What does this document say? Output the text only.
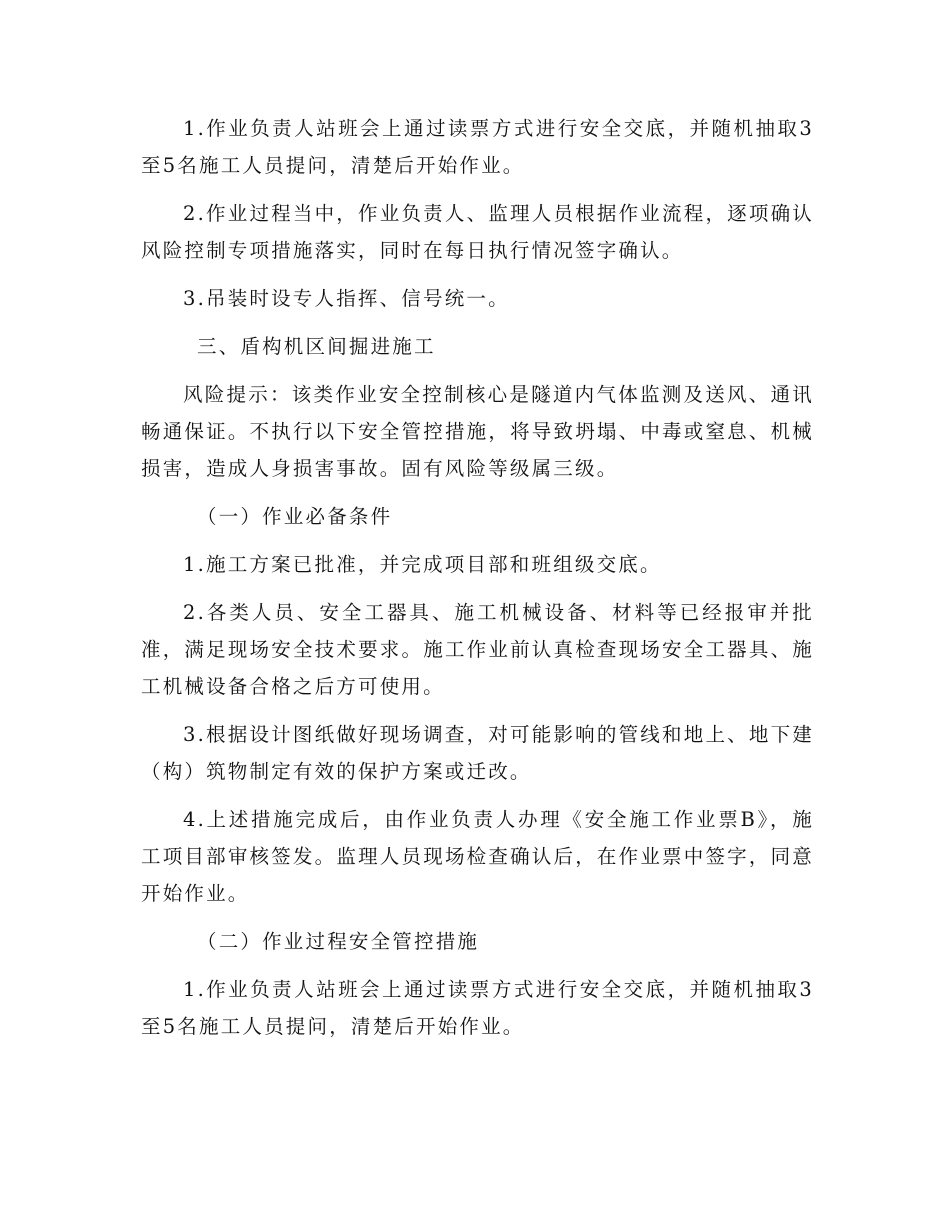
1.作业负责人站班会上通过读票方式进行安全交底，并随机抽取3至5名施工人员提问，清楚后开始作业。

2.作业过程当中，作业负责人、监理人员根据作业流程，逐项确认风险控制专项措施落实，同时在每日执行情况签字确认。

3.吊装时设专人指挥、信号统一。

三、盾构机区间掘进施工

风险提示：该类作业安全控制核心是隧道内气体监测及送风、通讯畅通保证。不执行以下安全管控措施，将导致坍塌、中毒或窒息、机械损害，造成人身损害事故。固有风险等级属三级。

（一）作业必备条件

1.施工方案已批准，并完成项目部和班组级交底。

2.各类人员、安全工器具、施工机械设备、材料等已经报审并批准，满足现场安全技术要求。施工作业前认真检查现场安全工器具、施工机械设备合格之后方可使用。

3.根据设计图纸做好现场调查，对可能影响的管线和地上、地下建（构）筑物制定有效的保护方案或迁改。

4.上述措施完成后，由作业负责人办理《安全施工作业票B》，施工项目部审核签发。监理人员现场检查确认后，在作业票中签字，同意开始作业。

（二）作业过程安全管控措施

1.作业负责人站班会上通过读票方式进行安全交底，并随机抽取3至5名施工人员提问，清楚后开始作业。
